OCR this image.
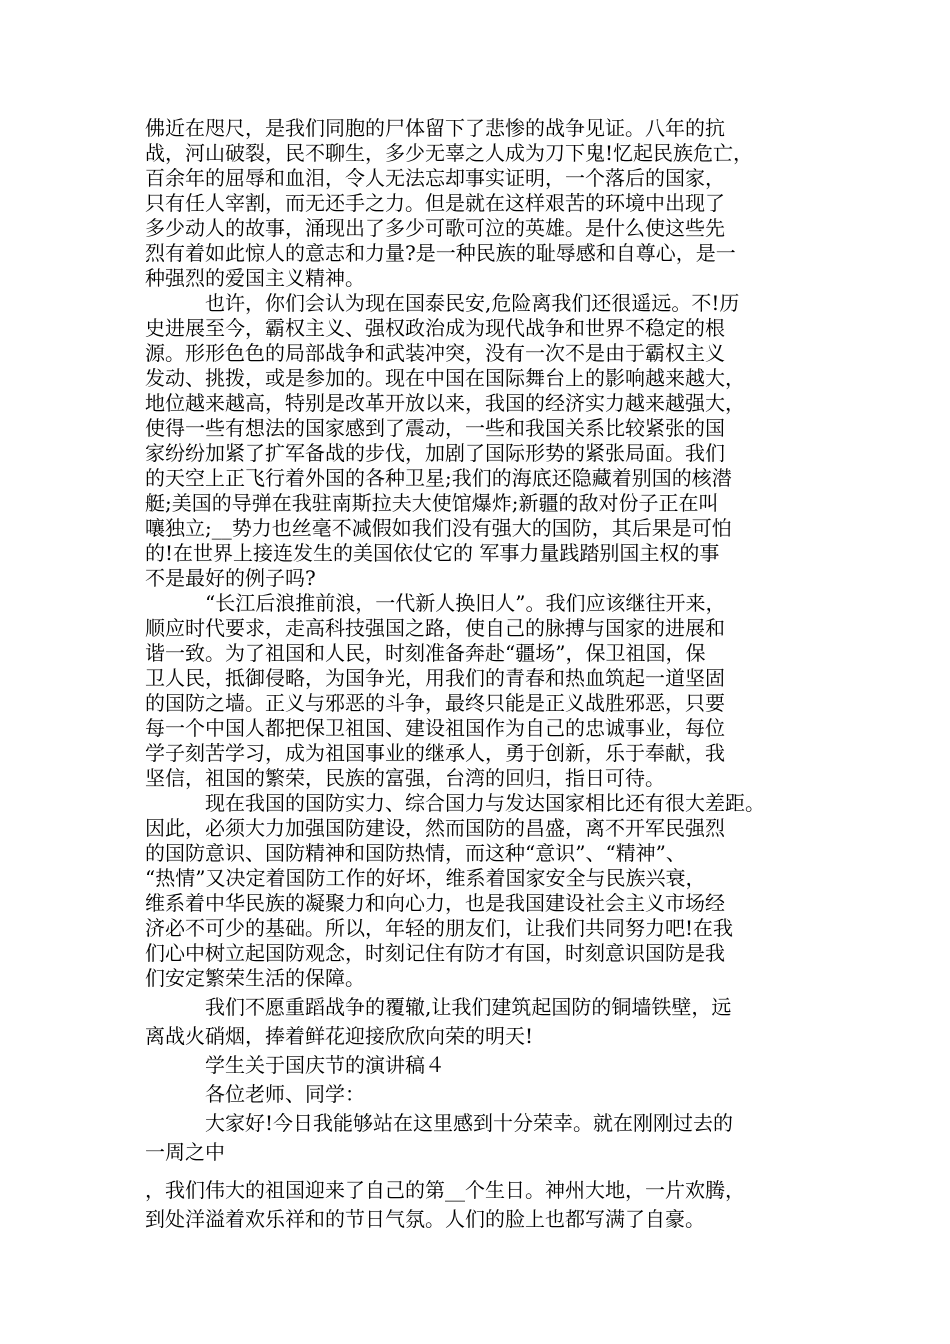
佛近在咫尺，是我们同胞的尸体留下了悲惨的战争见证。八年的抗
战，河山破裂，民不聊生，多少无辜之人成为刀下鬼!忆起民族危亡，
百余年的屈辱和血泪，令人无法忘却事实证明，一个落后的国家，
只有任人宰割，而无还手之力。但是就在这样艰苦的环境中出现了
多少动人的故事，涌现出了多少可歌可泣的英雄。是什么使这些先
烈有着如此惊人的意志和力量?是一种民族的耻辱感和自尊心，是一
种强烈的爱国主义精神。
也许，你们会认为现在国泰民安,危险离我们还很遥远。不!历
史进展至今，霸权主义、强权政治成为现代战争和世界不稳定的根
源。形形色色的局部战争和武装冲突，没有一次不是由于霸权主义
发动、挑拨，或是参加的。现在中国在国际舞台上的影响越来越大，
地位越来越高，特别是改革开放以来，我国的经济实力越来越强大，
使得一些有想法的国家感到了震动，一些和我国关系比较紧张的国
家纷纷加紧了扩军备战的步伐，加剧了国际形势的紧张局面。我们
的天空上正飞行着外国的各种卫星;我们的海底还隐藏着别国的核潜
艇;美国的导弹在我驻南斯拉夫大使馆爆炸;新疆的敌对份子正在叫
嚷独立;__势力也丝毫不减假如我们没有强大的国防，其后果是可怕
的!在世界上接连发生的美国依仗它的 军事力量践踏别国主权的事
不是最好的例子吗?
“长江后浪推前浪，一代新人换旧人”。我们应该继往开来，
顺应时代要求，走高科技强国之路，使自己的脉搏与国家的进展和
谐一致。为了祖国和人民，时刻准备奔赴“疆场”，保卫祖国，保
卫人民，抵御侵略，为国争光，用我们的青春和热血筑起一道坚固
的国防之墙。正义与邪恶的斗争，最终只能是正义战胜邪恶，只要
每一个中国人都把保卫祖国、建设祖国作为自己的忠诚事业，每位
学子刻苦学习，成为祖国事业的继承人，勇于创新，乐于奉献，我
坚信，祖国的繁荣，民族的富强，台湾的回归，指日可待。
现在我国的国防实力、综合国力与发达国家相比还有很大差距。
因此，必须大力加强国防建设，然而国防的昌盛，离不开军民强烈
的国防意识、国防精神和国防热情，而这种“意识”、“精神”、
“热情”又决定着国防工作的好坏，维系着国家安全与民族兴衰，
维系着中华民族的凝聚力和向心力，也是我国建设社会主义市场经
济必不可少的基础。所以，年轻的朋友们，让我们共同努力吧!在我
们心中树立起国防观念，时刻记住有防才有国，时刻意识国防是我
们安定繁荣生活的保障。
我们不愿重蹈战争的覆辙,让我们建筑起国防的铜墙铁壁，远
离战火硝烟，捧着鲜花迎接欣欣向荣的明天!
学生关于国庆节的演讲稿４
各位老师、同学：
大家好!今日我能够站在这里感到十分荣幸。就在刚刚过去的
一周之中
，我们伟大的祖国迎来了自己的第__个生日。神州大地，一片欢腾，
到处洋溢着欢乐祥和的节日气氛。人们的脸上也都写满了自豪。
